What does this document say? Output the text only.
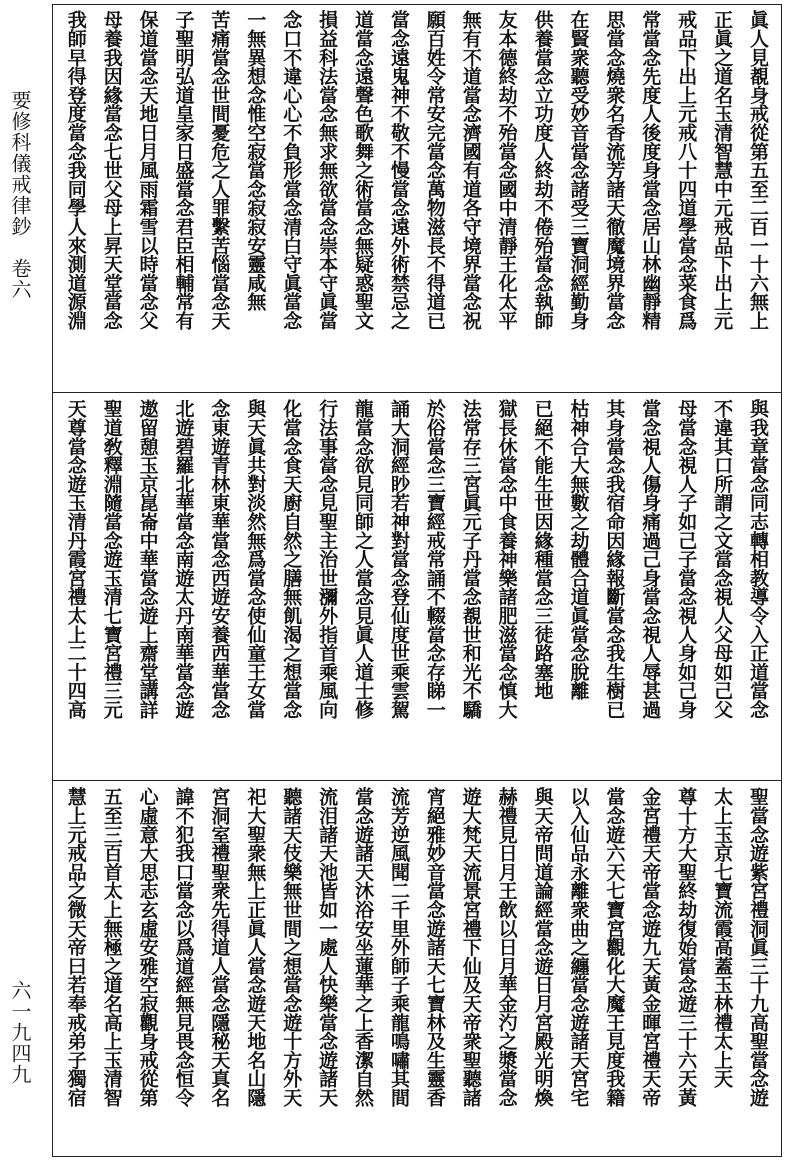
要修科儀戒律鈔　卷六
六一九四九
眞人見覩身戒從第五至二百一十六無上
正眞之道名玉清智慧中元戒品下出上元
戒品下出上元戒八十四道學當念菜食爲
常當念先度人後度身當念居山林幽靜精
思當念燒衆名香流芳諸天徹魔境界當念
在賢衆聽受妙音當念諸受三寶洞經勤身
供養當念立功度人終劫不倦殆當念執師
友本德終劫不殆當念國中清靜王化太平
無有不道當念濟國有道各守境界當念祝
願百姓令常安完當念萬物滋長不得道已
當念遠鬼神不敬不慢當念遠外術禁忌之
道當念遠聲色歌舞之術當念無疑惑聖文
損益科法當念無求無欲當念崇本守眞當
念口不違心心不負形當念清白守眞當念
一無異想念惟空寂當念寂寂安靈咸無
苦痛當念世間憂危之人罪繫苦惱當念天
子聖明弘道皇家日盛當念君臣相輔常有
保道當念天地日月風雨霜雪以時當念父
母養我因緣當念七世父母上昇天堂當念
我師早得登度當念我同學人來測道源淵
與我章當念同志轉相教導令入正道當念
不違其口所謂之文當念視人父母如己父
母當念視人子如己子當念視人身如己身
當念視人傷身痛過己身當念視人辱甚過
其身當念我宿命因緣報斷當念我生樹已
枯神合大無數之劫體合道眞當念脫離
已絕不能生世因緣種當念三徒路塞地
獄長休當念中食養神樂諸肥滋當念慎大
法常存三宮眞元子丹當念覩世和光不驕
於俗當念三寶經戒常誦不輟當念存睇一
誦大洞經眇若神對當念登仙度世乘雲駕
龍當念欲見同師之人當念見眞人道士修
行法事當念見聖主治世瀰外指首乘風向
化當念食天廚自然之膳無飢渴之想當念
與天眞共對淡然無爲當念使仙童王女當
念東遊青林東華當念西遊安養西華當念
北遊碧羅北華當念南遊太丹南華當念遊
遨留憩玉京崑崙中華當念遊上齋堂講詳
聖道敎釋淵隨當念遊玉清七寶宮禮三元
天尊當念遊玉清丹霞宮禮太上二十四高
聖當念遊紫宮禮洞眞三十九高聖當念遊
太上玉京七寶流霞高蓋玉林禮太上天
尊十方大聖終劫復始當念遊三十六天黃
金宮禮天帝當念遊九天黃金暉宮禮天帝
當念遊六天七寶宮觀化大魔王見度我籍
以入仙品永離衆曲之纏當念遊諸天宮宅
與天帝問道論經當念遊日月宮殿光明煥
赫禮見日月王飲以日月華金汋之漿當念
遊大梵天流景宮禮下仙及天帝衆聖聽諸
宵絕雅妙音當念遊諸天七寶林及生靈香
流芳逆風聞二千里外師子乘龍鳴嘯其間
當念遊諸天沐浴安坐蓮華之上香潔自然
流泪諸天池皆如一處人快樂當念遊諸天
聽諸天伎樂無世間之想當念遊十方外天
祀大聖衆無上正眞人當念遊天地名山隱
宮洞室禮聖衆先得道人當念隱秘天真名
諱不犯我口當念以爲道經無見畏念恒令
心虛意大思志玄虛安雅空寂觀身戒從第
五至三百首太上無極之道名高上玉清智
慧上元戒品之微天帝曰若奉戒弟子獨宿
